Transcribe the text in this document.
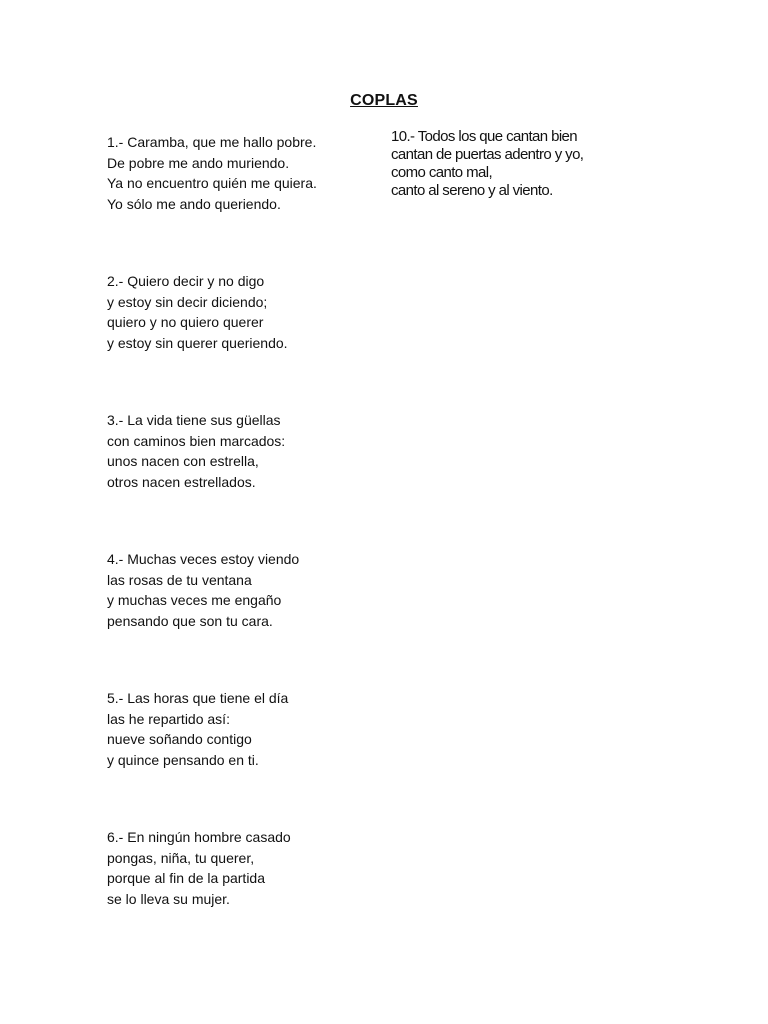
COPLAS
1.- Caramba, que me hallo pobre.
De pobre me ando muriendo.
Ya no encuentro quién me quiera.
Yo sólo me ando queriendo.
2.- Quiero decir y no digo
y estoy sin decir diciendo;
quiero y no quiero querer
y estoy sin querer queriendo.
3.- La vida tiene sus güellas
con caminos bien marcados:
unos nacen con estrella,
otros nacen estrellados.
4.- Muchas veces estoy viendo
las rosas de tu ventana
y muchas veces me engaño
pensando que son tu cara.
5.- Las horas que tiene el día
las he repartido así:
nueve soñando contigo
y quince pensando en ti.
6.- En ningún hombre casado
pongas, niña, tu querer,
porque al fin de la partida
se lo lleva su mujer.
10.- Todos los que cantan bien
cantan de puertas adentro y yo,
como canto mal,
canto al sereno y al viento.
